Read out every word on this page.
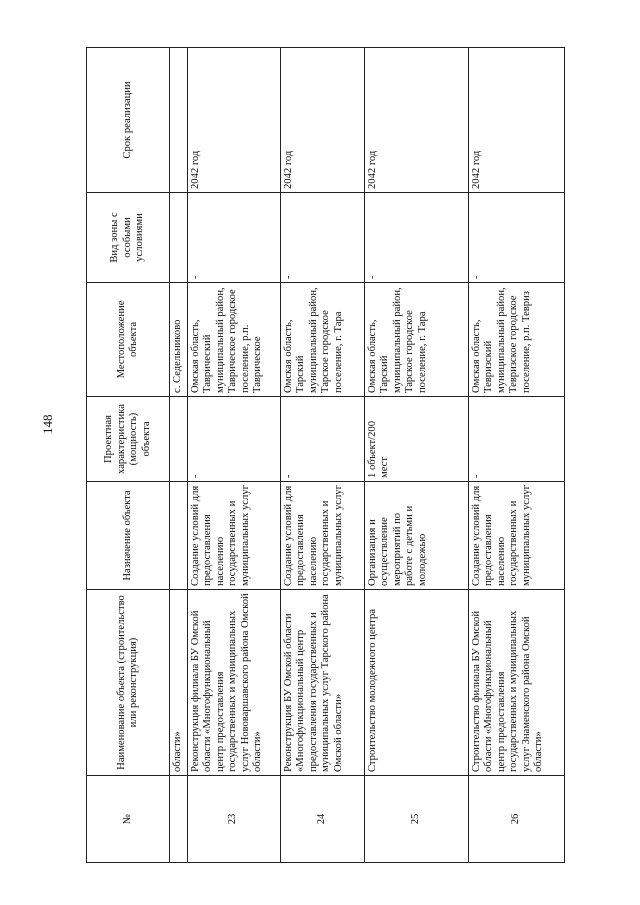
148
№	Наименование объекта (строительство или реконструкция)	Назначение объекта	Проектная характеристика (мощность) объекта	Местоположение объекта	Вид зоны с особыми условиями	Срок реализации
	области»			с. Седельниково		
23	Реконструкция филиала БУ Омской области «Многофункциональный центр предоставления государственных и муниципальных услуг Нововаршавского района Омской области»	Создание условий для предоставления населению государственных и муниципальных услуг	-	Омская область, Таврический муниципальный район, Таврическое городское поселение, р.п. Таврическое	-	2042 год
24	Реконструкция БУ Омской области «Многофункциональный центр предоставления государственных и муниципальных услуг Тарского района Омской области»	Создание условий для предоставления населению государственных и муниципальных услуг	-	Омская область, Тарский муниципальный район, Тарское городское поселение, г. Тара	-	2042 год
25	Строительство молодежного центра	Организация и осуществление мероприятий по работе с детьми и молодежью	1 объект/200 мест	Омская область, Тарский муниципальный район, Тарское городское поселение, г. Тара	-	2042 год
26	Строительство филиала БУ Омской области «Многофункциональный центр предоставления государственных и муниципальных услуг Знаменского района Омской области»	Создание условий для предоставления населению государственных и муниципальных услуг	-	Омская область, Тевризский муниципальный район, Тевризское городское поселение, р.п. Тевриз	-	2042 год
